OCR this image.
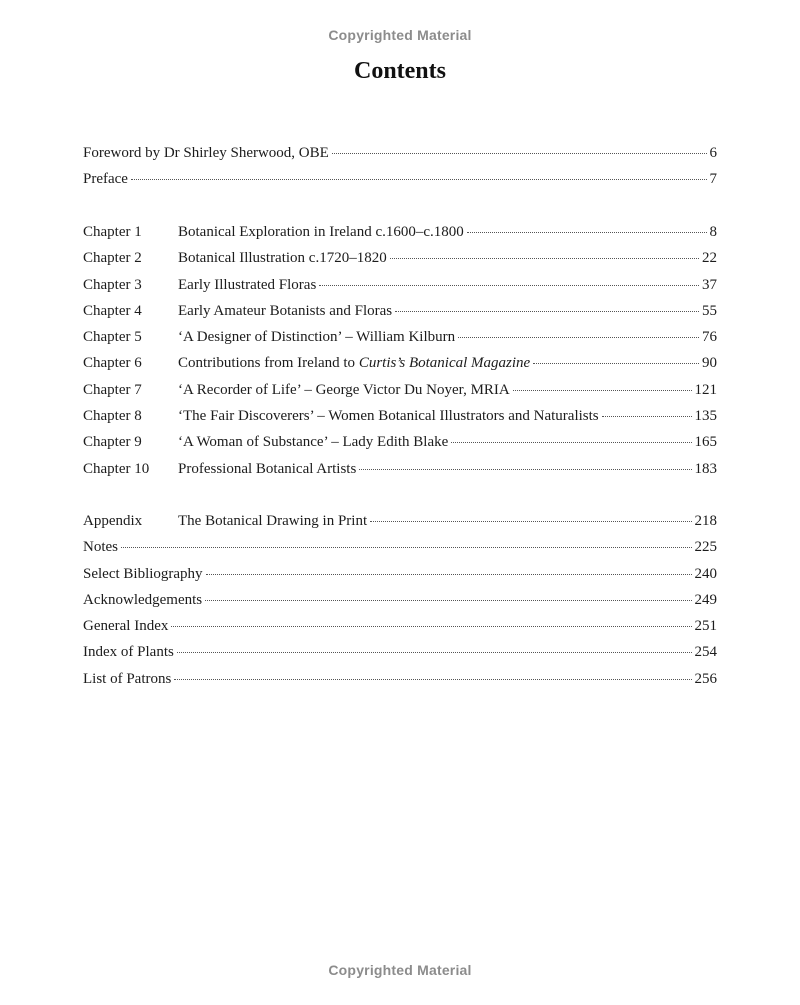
Copyrighted Material
Contents
Foreword by Dr Shirley Sherwood, OBE	6
Preface	7
Chapter 1	Botanical Exploration in Ireland c.1600–c.1800	8
Chapter 2	Botanical Illustration c.1720–1820	22
Chapter 3	Early Illustrated Floras	37
Chapter 4	Early Amateur Botanists and Floras	55
Chapter 5	‘A Designer of Distinction’ – William Kilburn	76
Chapter 6	Contributions from Ireland to Curtis’s Botanical Magazine	90
Chapter 7	‘A Recorder of Life’ – George Victor Du Noyer, MRIA	121
Chapter 8	‘The Fair Discoverers’ – Women Botanical Illustrators and Naturalists	135
Chapter 9	‘A Woman of Substance’ – Lady Edith Blake	165
Chapter 10	Professional Botanical Artists	183
Appendix	The Botanical Drawing in Print	218
Notes	225
Select Bibliography	240
Acknowledgements	249
General Index	251
Index of Plants	254
List of Patrons	256
Copyrighted Material
